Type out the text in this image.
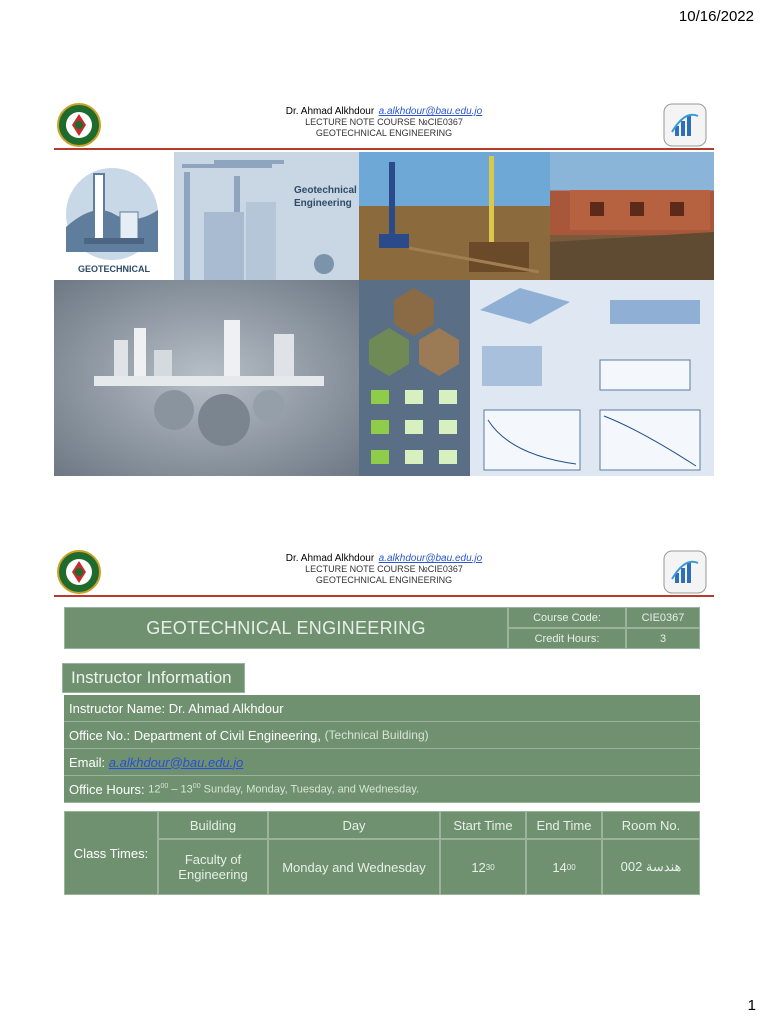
10/16/2022
Dr. Ahmad Alkhdour a.alkhdour@bau.edu.jo
LECTURE NOTE COURSE №CIE0367
GEOTECHNICAL ENGINEERING
GEOTECHNICAL
Geotechnical Engineering
Dr. Ahmad Alkhdour a.alkhdour@bau.edu.jo
LECTURE NOTE COURSE №CIE0367
GEOTECHNICAL ENGINEERING
GEOTECHNICAL ENGINEERING	Course Code:
Credit Hours:
CIE0367
3
Instructor Information
Instructor Name: Dr. Ahmad Alkhdour
Office No.: Department of Civil Engineering,
(Technical Building)
Email:
a.alkhdour@bau.edu.jo
Office Hours:
$12^{00} - 13^{00}$ Sunday, Monday, Tuesday, and Wednesday.
Class Times:
Building
Faculty of Engineering
Day
Monday and Wednesday
Start Time
12 30
End Time
14 00
Room No.
002 هندسة
1
